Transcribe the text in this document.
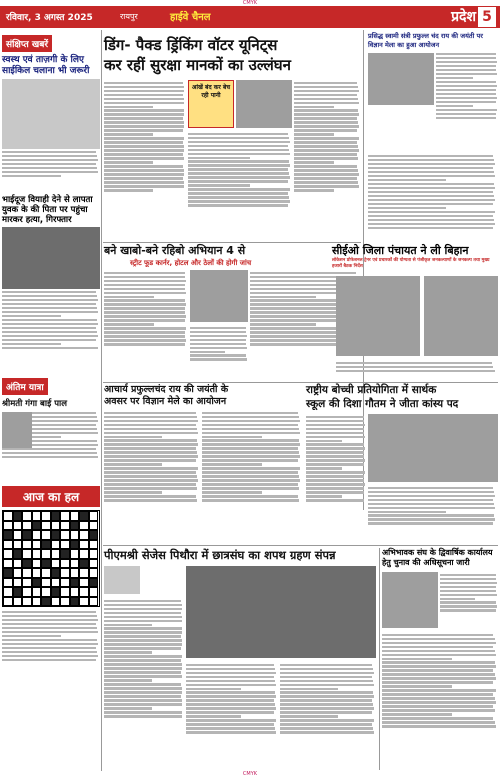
CMYK
रविवार, 3 अगस्त 2025	रायपुर	हाईवे चैनल	प्रदेश 5
संक्षिप्त खबरें
स्वस्थ एवं ताज़गी के लिए साईकिल चलाना भी जरूरी
भाईदूज वियाही देने से लापता युवक के की पिता पर पहुंचा मारकर हत्या, गिरफ्तार
अंतिम यात्रा
श्रीमती गंगा बाई पाल
आज का हल
डिंग- पैक्ड ड्रिंकिंग वॉटर यूनिट्स
कर रहीं सुरक्षा मानकों का उल्लंघन
आंखें बंद कर बेच रही पानी
बने खाबो-बने रहिबो अभियान 4 से
स्ट्रीट फूड कार्नर, होटल और ठेलों की होगी जांच
सीईओ जिला पंचायत ने ली बिहान
लोकेशन प्रोफेशनल ट्रेनर एवं प्रचारकों की योग्यता से पंजीकृत जनकल्याणों के जनकल्प तथा मुख्य हजारों बैठक निर्देश
प्रसिद्ध स्वामी संत्री प्रफुल्ल चंद राय की जयंती पर विज्ञान मेला का हुआ आयोजन
आचार्य प्रफुल्लचंद राय की जयंती के
अवसर पर विज्ञान मेले का आयोजन
राष्ट्रीय बोच्ची प्रतियोगिता में सार्थक
स्कूल की दिशा गौतम ने जीता कांस्य पद
पीएमश्री सेजेस पिथौरा में छात्रसंघ का शपथ ग्रहण संपन्न	अभिभावक संघ के द्विवार्षिक कार्यालय हेतु चुनाव की अधिसूचना जारी
CMYK
